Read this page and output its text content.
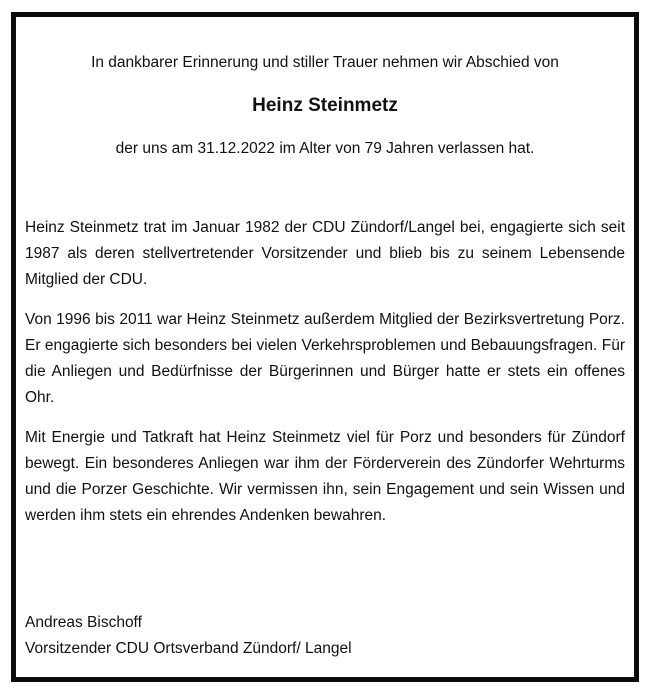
In dankbarer Erinnerung und stiller Trauer nehmen wir Abschied von
Heinz Steinmetz
der uns am 31.12.2022 im Alter von 79 Jahren verlassen hat.
Heinz Steinmetz trat im Januar 1982 der CDU Zündorf/Langel bei, engagierte sich seit 1987 als deren stellvertretender Vorsitzender und blieb bis zu seinem Lebensende Mitglied der CDU.
Von 1996 bis 2011 war Heinz Steinmetz außerdem Mitglied der Bezirksvertretung Porz. Er engagierte sich besonders bei vielen Verkehrsproblemen und Bebauungsfragen. Für die Anliegen und Bedürfnisse der Bürgerinnen und Bürger hatte er stets ein offenes Ohr.
Mit Energie und Tatkraft hat Heinz Steinmetz viel für Porz und besonders für Zündorf bewegt. Ein besonderes Anliegen war ihm der Förderverein des Zündorfer Wehrturms und die Porzer Geschichte. Wir vermissen ihn, sein Engagement und sein Wissen und werden ihm stets ein ehrendes Andenken bewahren.
Andreas Bischoff
Vorsitzender CDU Ortsverband Zündorf/ Langel
